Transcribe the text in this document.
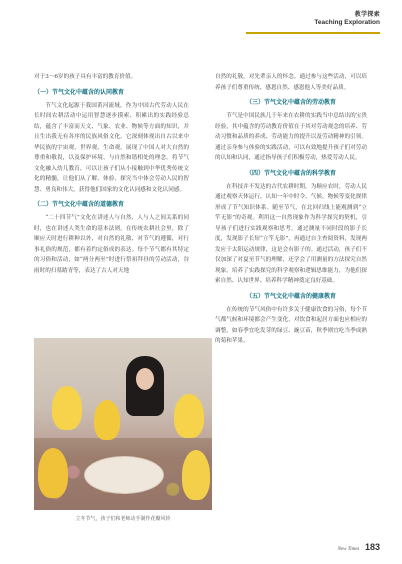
教学探索
Teaching Exploration

对于3～6岁的孩子具有丰富的教育价值。

（一）节气文化中蕴含的认同教育

节气文化起源于我国黄河流域，作为中国古代劳动人民在长时间农耕活动中运用智慧逐步摸索、积累出的实践经验总结，蕴含了丰富而天文、气象、农业、物候等方面的知识，并且生出我无有各序的民族风俗文化。它深刻体现出自古以来中华民族的宇宙观、世界观、生命观，展现了中国人对大自然的尊重和敬畏，以及保护环境、与自然和谐相处的理念。将节气文化融入幼儿教育，可以让孩子们从小接触到中华优秀传统文化的精髓，让他们从了解、体验、探究当中体会劳动人民的智慧、勇良和伟大，获得他们国家的文化认同感和文化认同感。

（二）节气文化中蕴含的道德教育

“二十四节气”文化在讲述人与自然、人与人之间关系的同时，也在讲述人类生命的基本法则。在传统农耕社会里，除了顺应天时进行耕种以外，对自然的礼敬、对节气的遵循，对行事礼俗的规范，都有着约定俗成的表达。每个节气都有其特定的习俗和活动，如“两分两至”时进行祭祖拜昼的劳动活动，谷雨时的扫墓踏青等，表达了古人对天地

立冬节气，孩子们和老师动手制作花瓣风铃

自然的礼敬，对先辈亲人的怀念。通过参与这些活动，可以培养孩子们尊重传统、感恩自然、感恩他人等美好品质。

（三）节气文化中蕴含的劳动教育

节气是中国民族几千年来在农耕的实践当中总结出的宝贵经验，其中蕴含的劳动教育价值在于其对劳动观念的培养、劳动习惯和品质的养成、劳动能力的提升以及劳动精神的引领。通过亲身参与体验的实践活动，可以有效地提升孩子们对劳动的认知和认同，通过指导孩子们积极劳动，热爱劳动人民。

（四）节气文化中蕴含的科学教育

在科技并不发达的古代农耕时期，为顺应农时，劳动人民通过观察天体运行，认知一年中时令、气候、物候等变化规律形成了节气知识体系。随至节气，在北回归线上能观测到“立竿无影”的奇观。利用这一自然现象作为科学探究的契机，引导孩子们进行实践观察和思考，通过测量不同时段的影子长度，发现影子长短“立竿无影”，再通过自主查阅资料，发现两发应于太阳运动规律，这是会有影子的。通过活动，孩子们不仅加深了对夏至节气的理解，还学会了用测量的方法探究自然现象，培养了实践探究的科学观察和逻辑思维能力，为他们探索自然、认知世界、培养科学精神奠定良好基础。

（五）节气文化中蕴含的健康教育

在传统的节气风俗中有许多关于健康饮食的习俗，每个节气都气候和环境都会产生变化，对饮食和起居方面也应相应的调整，如春季宜吃发芽的绿豆、豌豆苗，秋季则宜吃当季成熟的菊和苹果。

New Times 183
